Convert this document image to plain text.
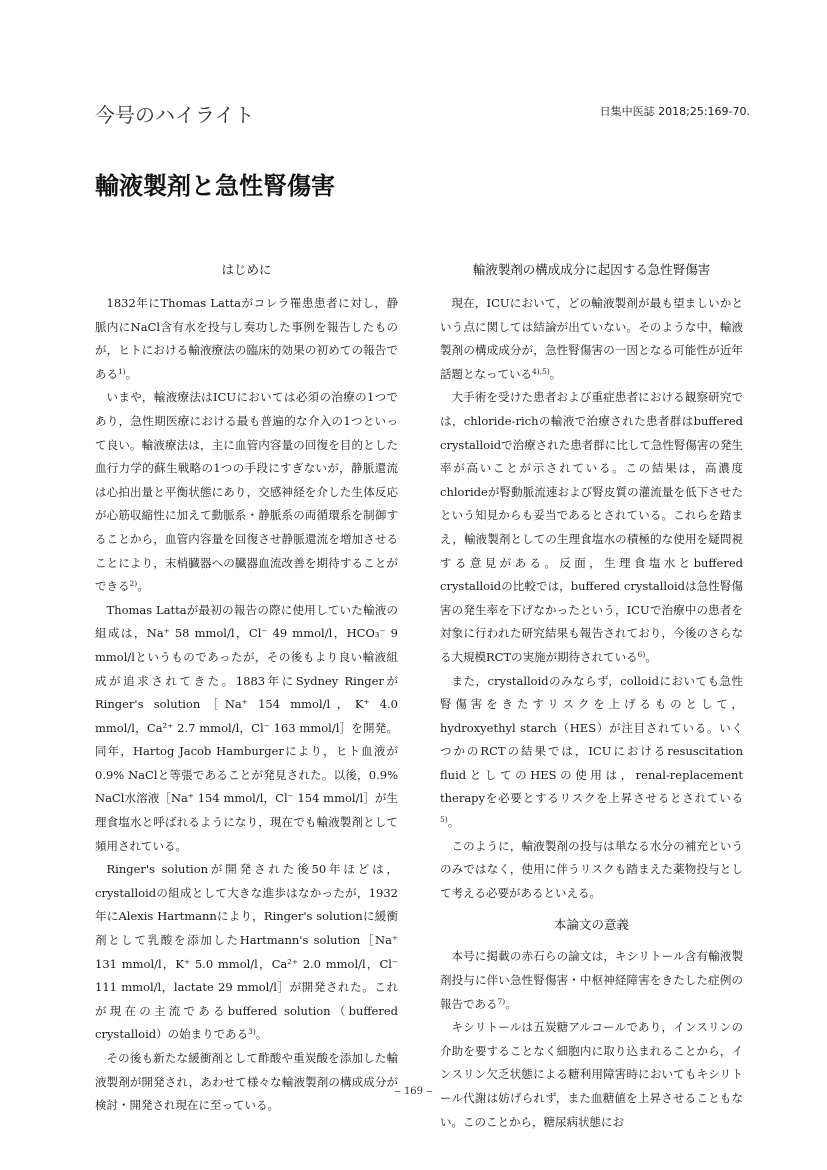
今号のハイライト	日集中医誌 2018;25:169-70.
輸液製剤と急性腎傷害
はじめに

1832年にThomas Lattaがコレラ罹患患者に対し，静脈内にNaCl含有水を投与し奏功した事例を報告したものが，ヒトにおける輸液療法の臨床的効果の初めての報告である$^{1)}$。

いまや，輸液療法はICUにおいては必須の治療の1つであり，急性期医療における最も普遍的な介入の1つといって良い。輸液療法は，主に血管内容量の回復を目的とした血行力学的蘇生戦略の1つの手段にすぎないが，静脈還流は心拍出量と平衡状態にあり，交感神経を介した生体反応が心筋収縮性に加えて動脈系・静脈系の両循環系を制御することから，血管内容量を回復させ静脈還流を増加させることにより，末梢臓器への臓器血流改善を期待することができる$^{2)}$。

Thomas Lattaが最初の報告の際に使用していた輸液の組成は，Na⁺ 58 mmol/l，Cl⁻ 49 mmol/l，HCO₃⁻ 9 mmol/lというものであったが，その後もより良い輸液組成が追求されてきた。1883年にSydney RingerがRinger's solution［Na⁺ 154 mmol/l，K⁺ 4.0 mmol/l，Ca²⁺ 2.7 mmol/l，Cl⁻ 163 mmol/l］を開発。同年，Hartog Jacob Hamburgerにより，ヒト血液が0.9% NaClと等張であることが発見された。以後，0.9% NaCl水溶液［Na⁺ 154 mmol/l，Cl⁻ 154 mmol/l］が生理食塩水と呼ばれるようになり，現在でも輸液製剤として頻用されている。

Ringer's solutionが開発された後50年ほどは，crystalloidの組成として大きな進歩はなかったが，1932年にAlexis Hartmannにより，Ringer's solutionに緩衝剤として乳酸を添加したHartmann's solution［Na⁺ 131 mmol/l，K⁺ 5.0 mmol/l，Ca²⁺ 2.0 mmol/l，Cl⁻ 111 mmol/l，lactate 29 mmol/l］が開発された。これが現在の主流であるbuffered solution（buffered crystalloid）の始まりである$^{3)}$。

その後も新たな緩衝剤として酢酸や重炭酸を添加した輸液製剤が開発され，あわせて様々な輸液製剤の構成成分が検討・開発され現在に至っている。

輸液製剤の構成成分に起因する急性腎傷害

現在，ICUにおいて，どの輸液製剤が最も望ましいかという点に関しては結論が出ていない。そのような中，輸液製剤の構成成分が，急性腎傷害の一因となる可能性が近年話題となっている$^{4),5)}$。

大手術を受けた患者および重症患者における観察研究では，chloride-richの輸液で治療された患者群はbuffered crystalloidで治療された患者群に比して急性腎傷害の発生率が高いことが示されている。この結果は，高濃度chlorideが腎動脈流速および腎皮質の灌流量を低下させたという知見からも妥当であるとされている。これらを踏まえ，輸液製剤としての生理食塩水の積極的な使用を疑問視する意見がある。反面，生理食塩水とbuffered crystalloidの比較では，buffered crystalloidは急性腎傷害の発生率を下げなかったという，ICUで治療中の患者を対象に行われた研究結果も報告されており，今後のさらなる大規模RCTの実施が期待されている$^{6)}$。

また，crystalloidのみならず，colloidにおいても急性腎傷害をきたすリスクを上げるものとして，hydroxyethyl starch（HES）が注目されている。いくつかのRCTの結果では，ICUにおけるresuscitation fluidとしてのHESの使用は，renal-replacement therapyを必要とするリスクを上昇させるとされている$^{5)}$。

このように，輸液製剤の投与は単なる水分の補充というのみではなく，使用に伴うリスクも踏まえた薬物投与として考える必要があるといえる。

本論文の意義

本号に掲載の赤石らの論文は，キシリトール含有輸液製剤投与に伴い急性腎傷害・中枢神経障害をきたした症例の報告である$^{7)}$。

キシリトールは五炭糖アルコールであり，インスリンの介助を要することなく細胞内に取り込まれることから，インスリン欠乏状態による糖利用障害時においてもキシリトール代謝は妨げられず，また血糖値を上昇させることもない。このことから，糖尿病状態にお

‒ 169 ‒
